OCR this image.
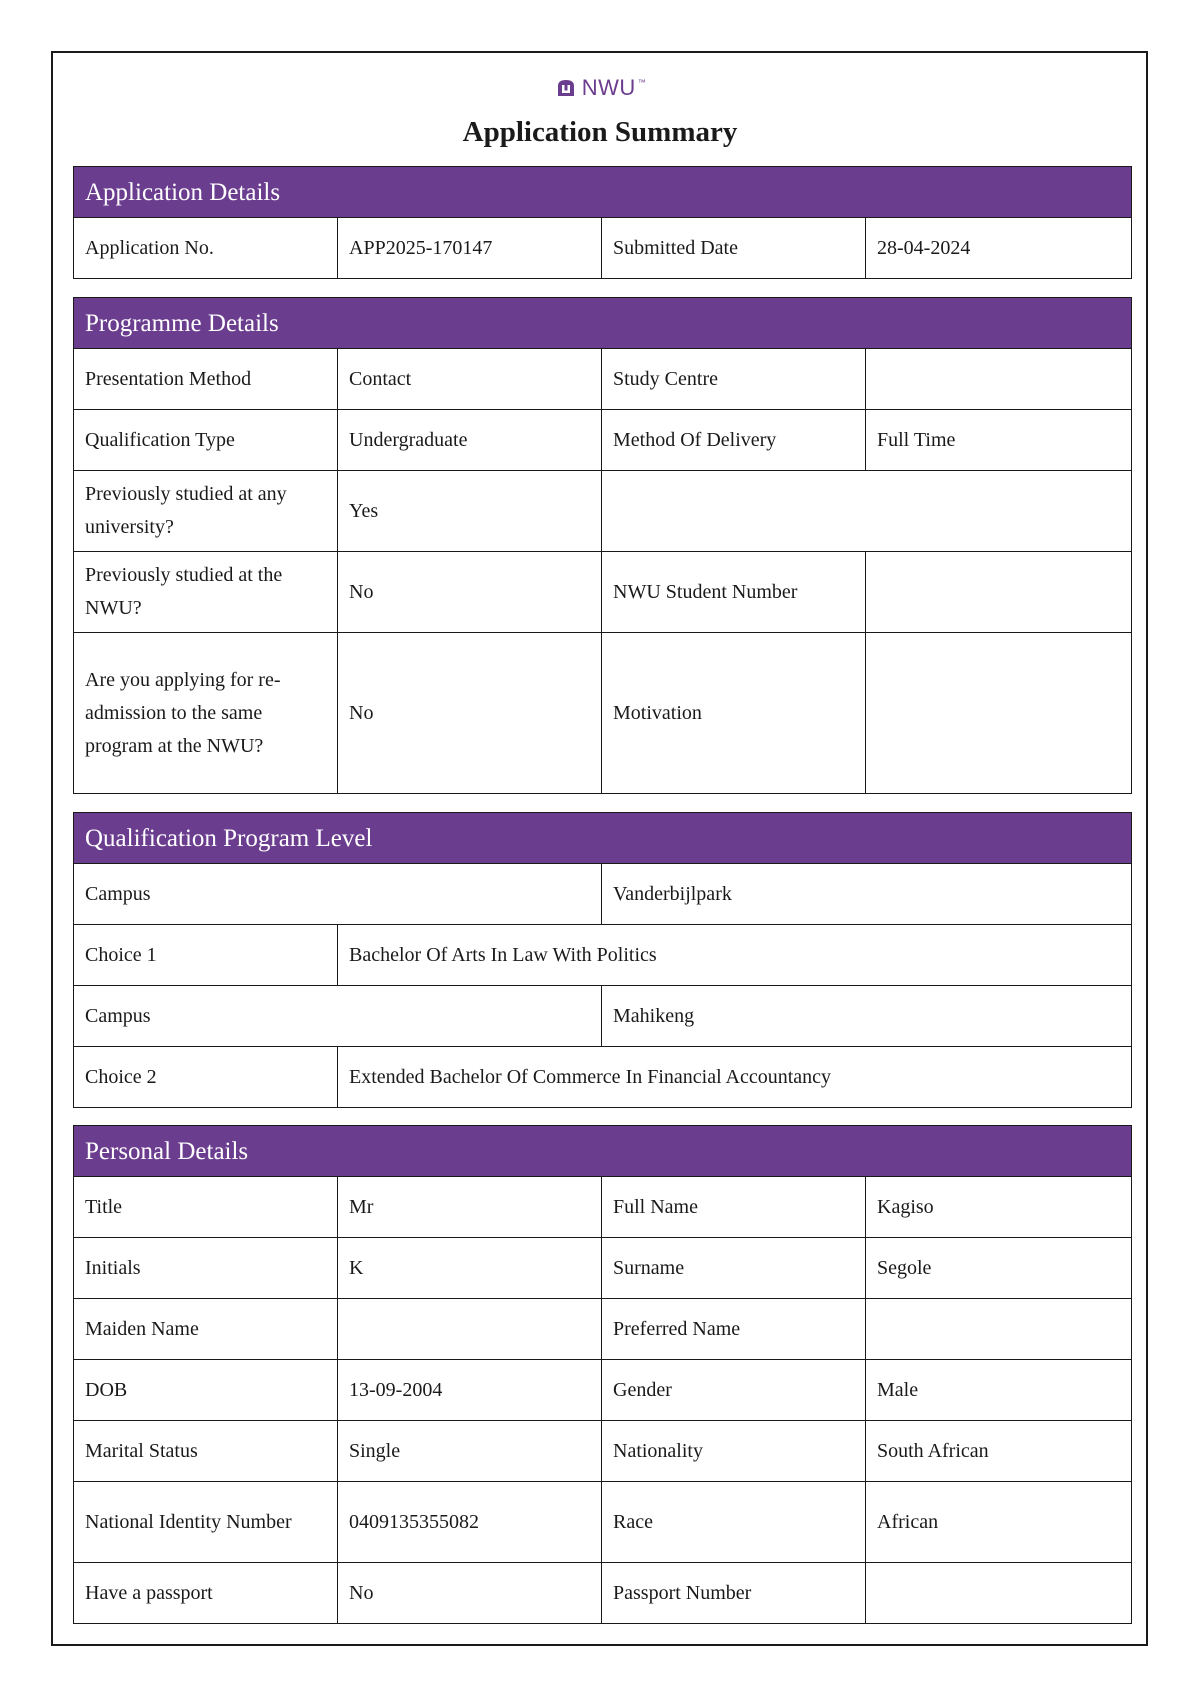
NWU ™
Application Summary
Application Details
Application No.	APP2025-170147	Submitted Date	28-04-2024
Programme Details			
Presentation Method	Contact	Study Centre	
Qualification Type	Undergraduate	Method Of Delivery	Full Time
Previously studied at any university?	Yes		
Previously studied at the NWU?	No	NWU Student Number	
Are you applying for re-admission to the same program at the NWU?	No	Motivation	
Qualification Program Level		
Campus		Vanderbijlpark
Choice 1	Bachelor Of Arts In Law With Politics	
Campus		Mahikeng
Choice 2	Extended Bachelor Of Commerce In Financial Accountancy	
Personal Details			
Title	Mr	Full Name	Kagiso
Initials	K	Surname	Segole
Maiden Name		Preferred Name	
DOB	13-09-2004	Gender	Male
Marital Status	Single	Nationality	South African
National Identity Number	0409135355082	Race	African
Have a passport	No	Passport Number	
